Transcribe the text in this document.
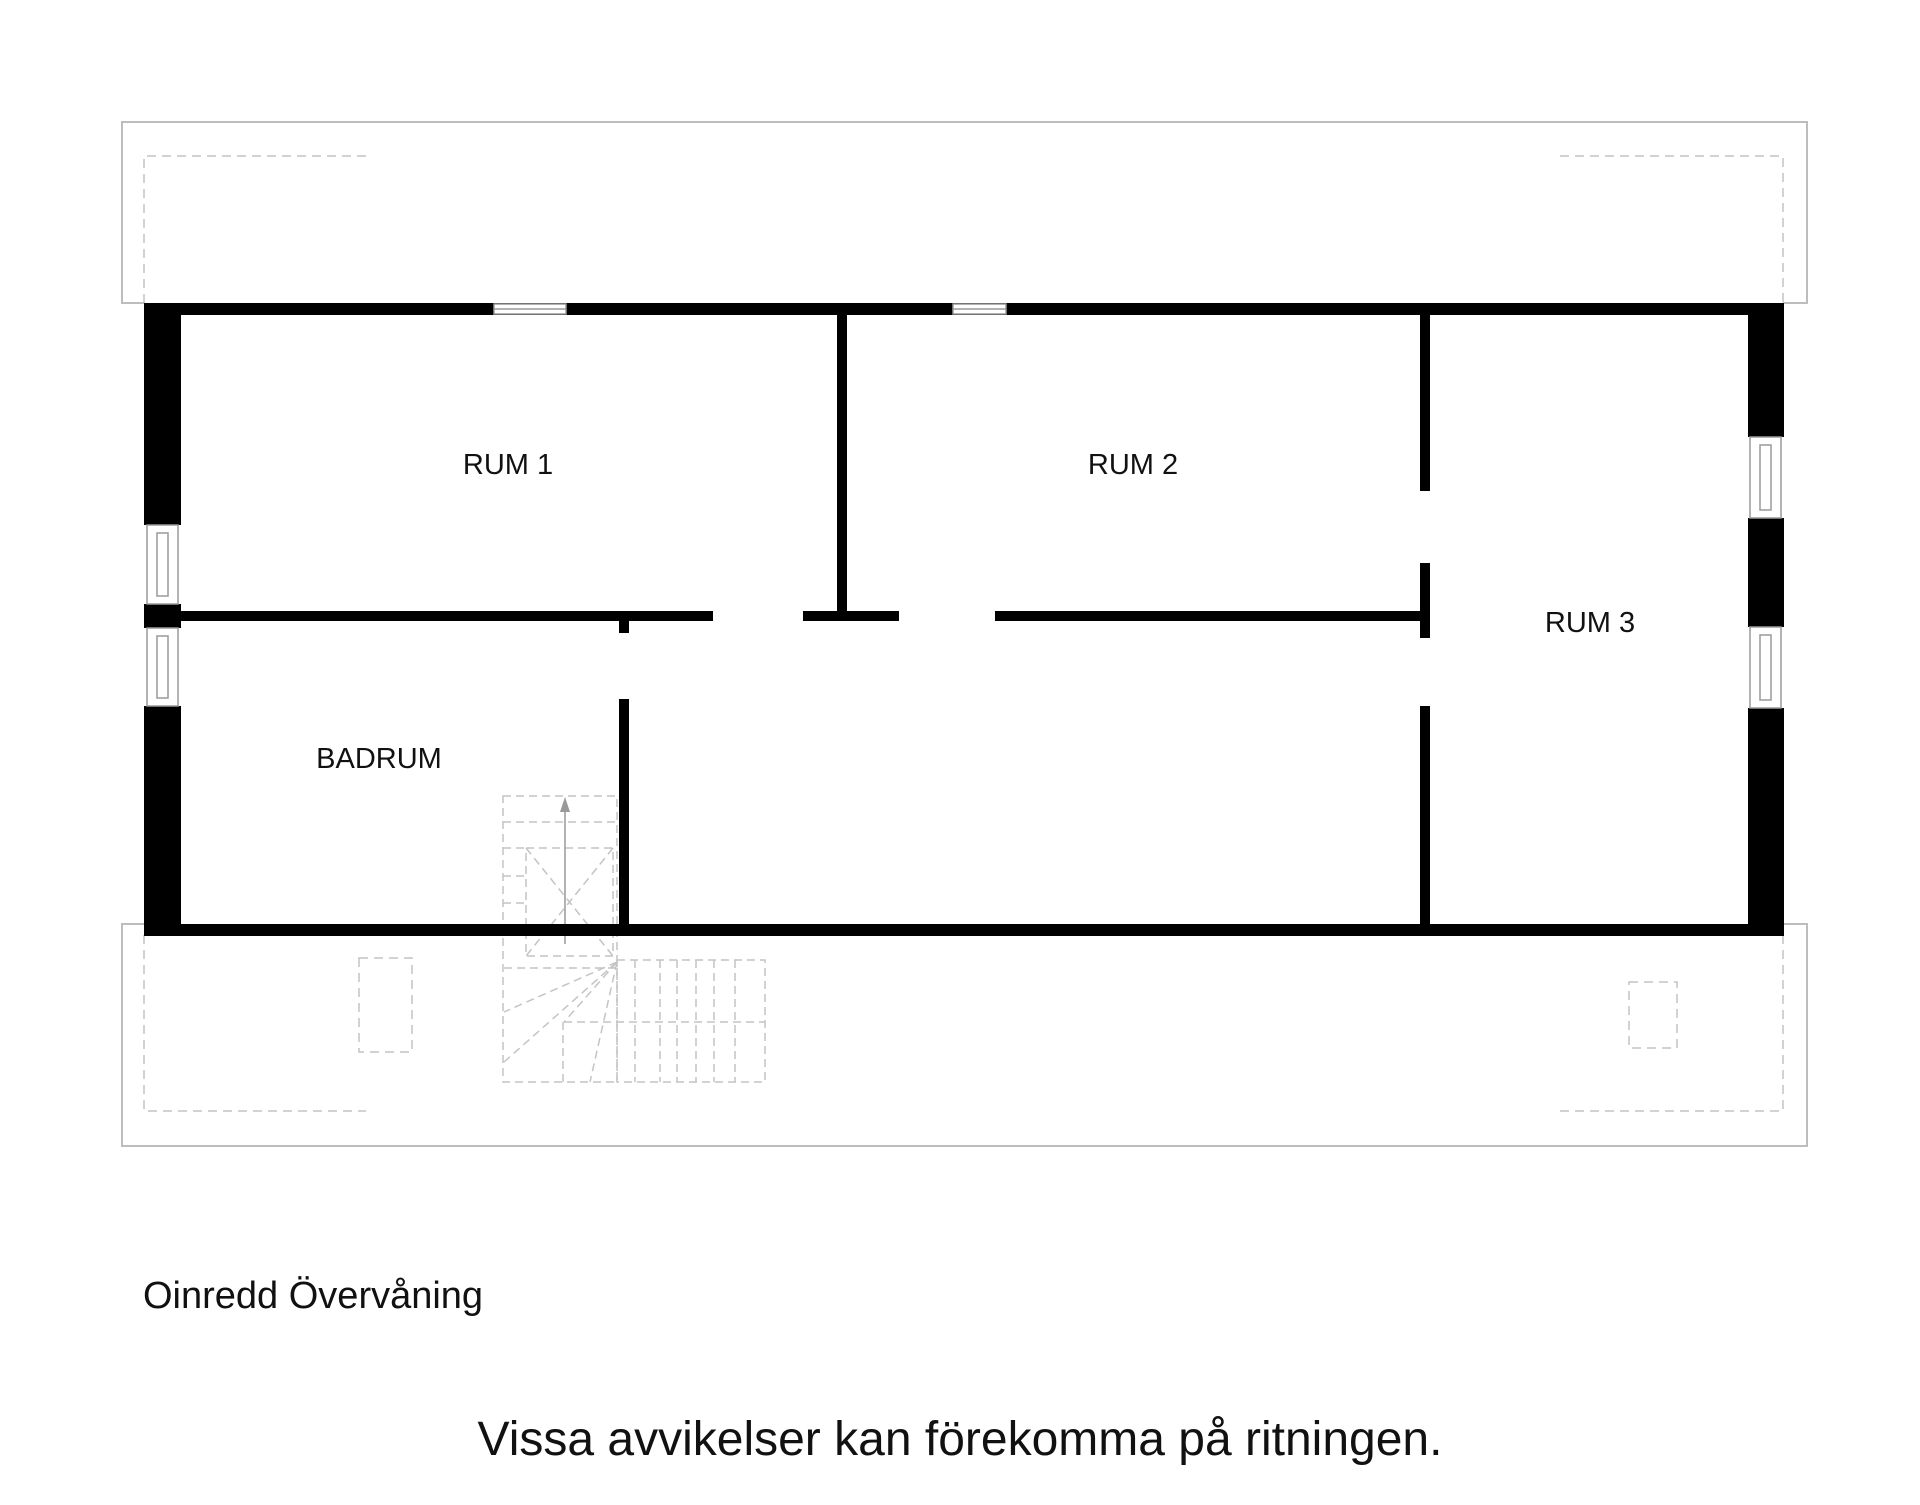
RUM 1	RUM 2
RUM 3
BADRUM
Oinredd Övervåning
Vissa avvikelser kan förekomma på ritningen.
